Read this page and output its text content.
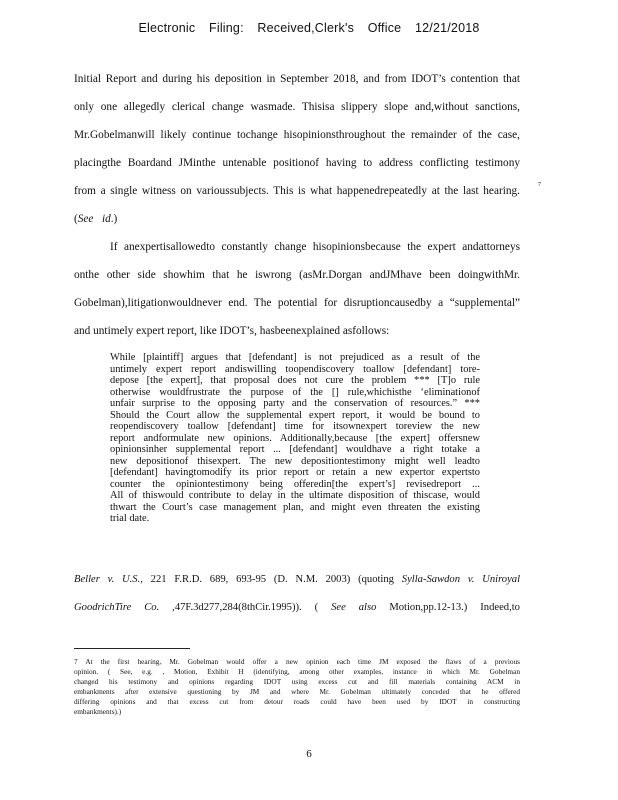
Electronic Filing: Received,Clerk's Office 12/21/2018
Initial Report and during his deposition in September 2018, and from IDOT’s contention that
only one allegedly clerical change wasmade. Thisisa slippery slope and,without sanctions,
Mr.Gobelmanwill likely continue tochange hisopinionsthroughout the remainder of the case,
placingthe Boardand JMinthe untenable positionof having to address conflicting testimony
from a single witness on varioussubjects. This is what happenedrepeatedly at the last hearing.	7
(See id.)
If anexpertisallowedto constantly change hisopinionsbecause the expert andattorneys
onthe other side showhim that he iswrong (asMr.Dorgan andJMhave been doingwithMr.
Gobelman),litigationwouldnever end. The potential for disruptioncausedby a “supplemental”
and untimely expert report, like IDOT’s, hasbeenexplained asfollows:
While [plaintiff] argues that [defendant] is not prejudiced as a result of the
untimely expert report andiswilling toopendiscovery toallow [defendant] tore-
depose [the expert], that proposal does not cure the problem *** [T]o rule
otherwise wouldfrustrate the purpose of the [] rule,whichisthe ‘eliminationof
unfair surprise to the opposing party and the conservation of resources.” ***
Should the Court allow the supplemental expert report, it would be bound to
reopendiscovery toallow [defendant] time for itsownexpert toreview the new
report andformulate new opinions. Additionally,because [the expert] offersnew
opinionsinher supplemental report ... [defendant] wouldhave a right totake a
new depositionof thisexpert. The new depositiontestimony might well leadto
[defendant] havingtomodify its prior report or retain a new expertor expertsto
counter the opiniontestimony being offeredin[the expert’s] revisedreport ...
All of thiswould contribute to delay in the ultimate disposition of thiscase, would
thwart the Court’s case management plan, and might even threaten the existing
trial date.
Beller v. U.S., 221 F.R.D. 689, 693-95 (D. N.M. 2003) (quoting Sylla-Sawdon v. Uniroyal
GoodrichTire Co. ,47F.3d277,284(8thCir.1995)). ( See also Motion,pp.12-13.) Indeed,to
7 At the first hearing, Mr. Gobelman would offer a new opinion each time JM exposed the flaws of a previous
opinion. ( See, e.g. , Motion, Exhibit H (identifying, among other examples, instance in which Mr. Gobelman
changed his testimony and opinions regarding IDOT using excess cut and fill materials containing ACM in
embankments after extensive questioning by JM and where Mr. Gobelman ultimately conceded that he offered
differing opinions and that excess cut from detour roads could have been used by IDOT in constructing
embankments).)
6
